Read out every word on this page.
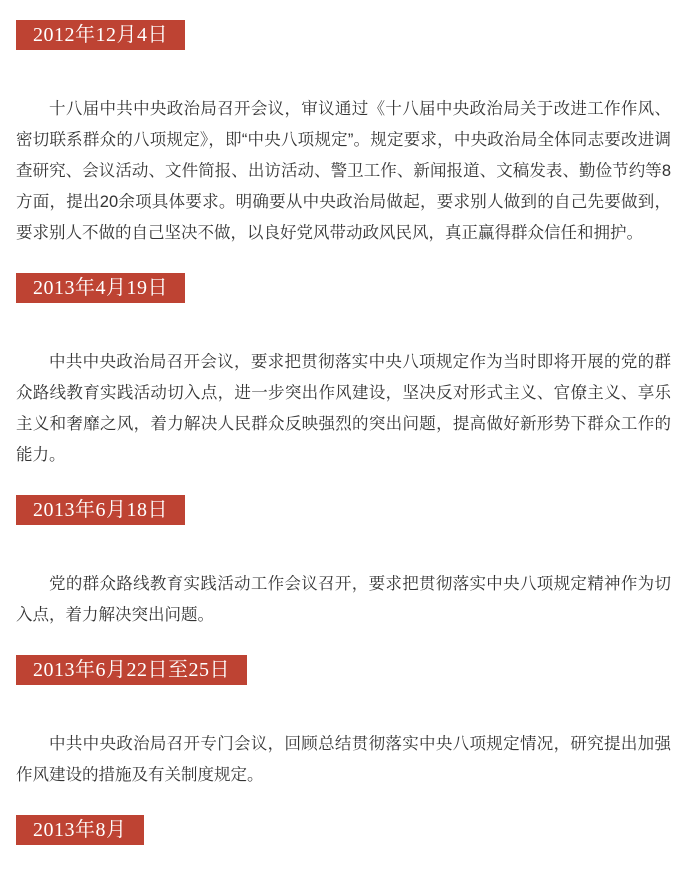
2012年12月4日

十八届中共中央政治局召开会议，审议通过《十八届中央政治局关于改进工作作风、密切联系群众的八项规定》，即“中央八项规定”。规定要求，中央政治局全体同志要改进调查研究、会议活动、文件简报、出访活动、警卫工作、新闻报道、文稿发表、勤俭节约等8方面，提出20余项具体要求。明确要从中央政治局做起，要求别人做到的自己先要做到，要求别人不做的自己坚决不做，以良好党风带动政风民风，真正赢得群众信任和拥护。

2013年4月19日

中共中央政治局召开会议，要求把贯彻落实中央八项规定作为当时即将开展的党的群众路线教育实践活动切入点，进一步突出作风建设，坚决反对形式主义、官僚主义、享乐主义和奢靡之风，着力解决人民群众反映强烈的突出问题，提高做好新形势下群众工作的能力。

2013年6月18日

党的群众路线教育实践活动工作会议召开，要求把贯彻落实中央八项规定精神作为切入点，着力解决突出问题。

2013年6月22日至25日

中共中央政治局召开专门会议，回顾总结贯彻落实中央八项规定情况，研究提出加强作风建设的措施及有关制度规定。

2013年8月
